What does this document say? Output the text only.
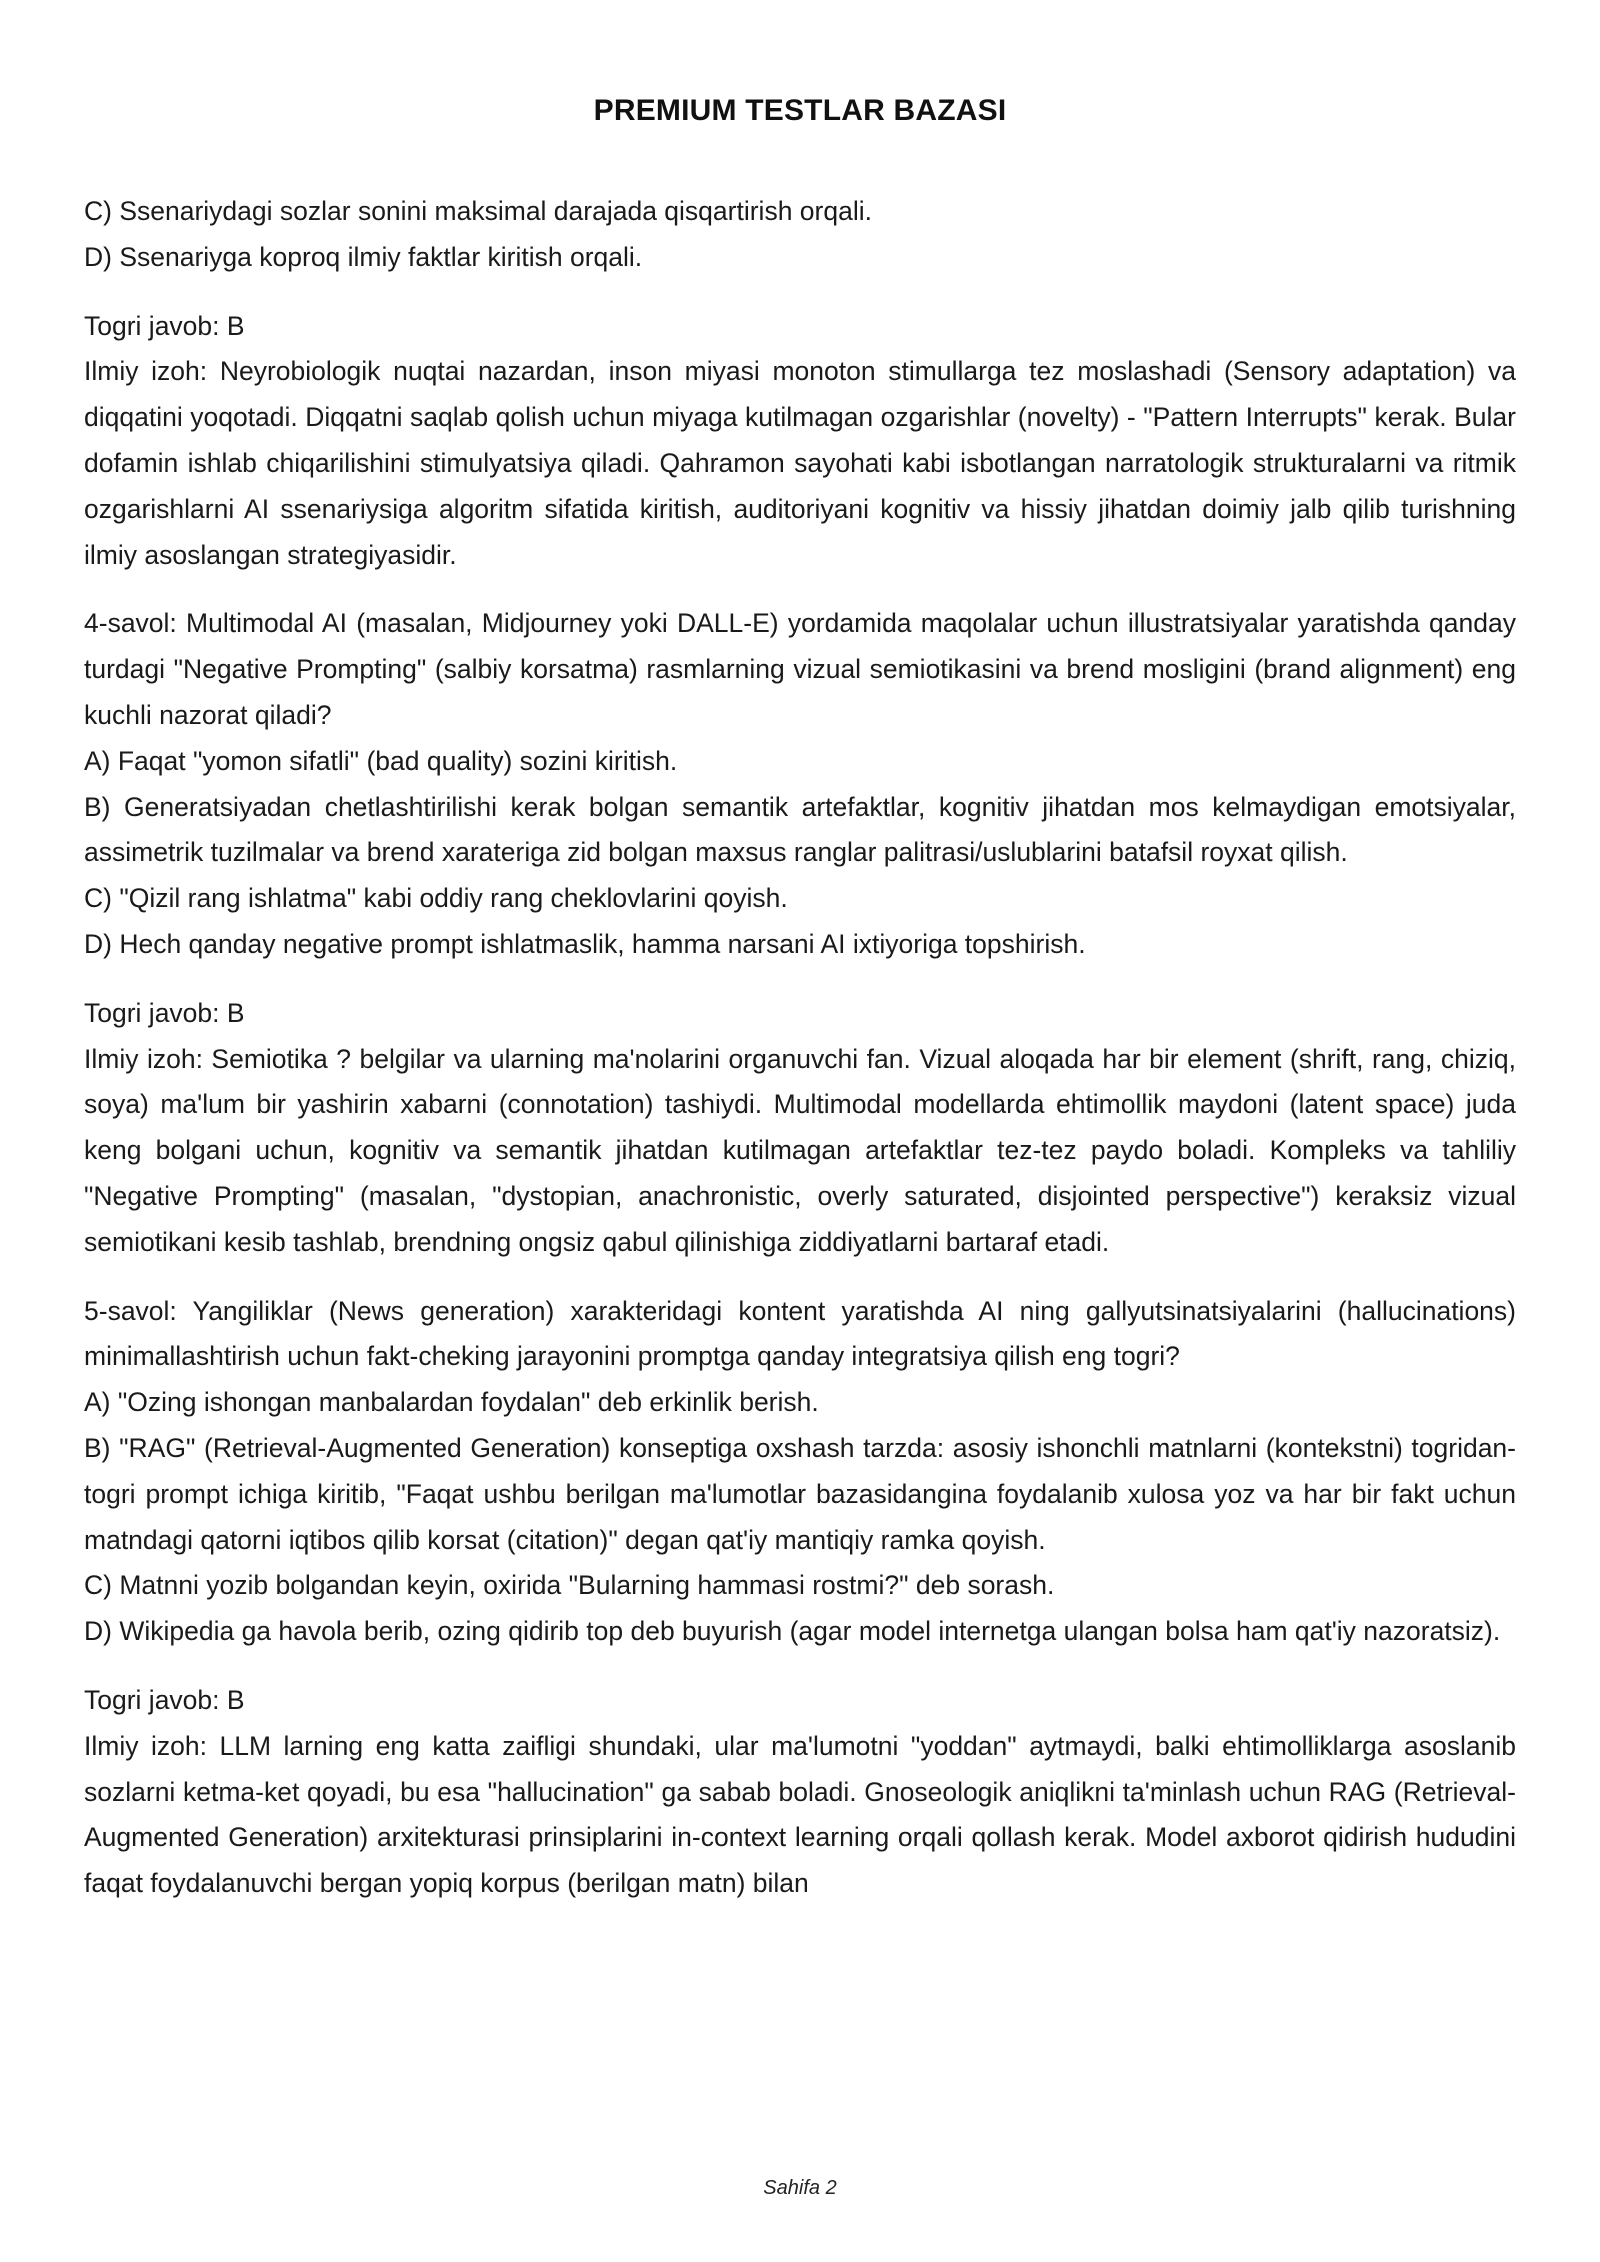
PREMIUM TESTLAR BAZASI

C) Ssenariydagi sozlar sonini maksimal darajada qisqartirish orqali.

D) Ssenariyga koproq ilmiy faktlar kiritish orqali.

Togri javob: B

Ilmiy izoh: Neyrobiologik nuqtai nazardan, inson miyasi monoton stimullarga tez moslashadi (Sensory adaptation) va diqqatini yoqotadi. Diqqatni saqlab qolish uchun miyaga kutilmagan ozgarishlar (novelty) - "Pattern Interrupts" kerak. Bular dofamin ishlab chiqarilishini stimulyatsiya qiladi. Qahramon sayohati kabi isbotlangan narratologik strukturalarni va ritmik ozgarishlarni AI ssenariysiga algoritm sifatida kiritish, auditoriyani kognitiv va hissiy jihatdan doimiy jalb qilib turishning ilmiy asoslangan strategiyasidir.

4-savol: Multimodal AI (masalan, Midjourney yoki DALL-E) yordamida maqolalar uchun illustratsiyalar yaratishda qanday turdagi "Negative Prompting" (salbiy korsatma) rasmlarning vizual semiotikasini va brend mosligini (brand alignment) eng kuchli nazorat qiladi?

A) Faqat "yomon sifatli" (bad quality) sozini kiritish.

B) Generatsiyadan chetlashtirilishi kerak bolgan semantik artefaktlar, kognitiv jihatdan mos kelmaydigan emotsiyalar, assimetrik tuzilmalar va brend xarateriga zid bolgan maxsus ranglar palitrasi/uslublarini batafsil royxat qilish.

C) "Qizil rang ishlatma" kabi oddiy rang cheklovlarini qoyish.

D) Hech qanday negative prompt ishlatmaslik, hamma narsani AI ixtiyoriga topshirish.

Togri javob: B

Ilmiy izoh: Semiotika ? belgilar va ularning ma'nolarini organuvchi fan. Vizual aloqada har bir element (shrift, rang, chiziq, soya) ma'lum bir yashirin xabarni (connotation) tashiydi. Multimodal modellarda ehtimollik maydoni (latent space) juda keng bolgani uchun, kognitiv va semantik jihatdan kutilmagan artefaktlar tez-tez paydo boladi. Kompleks va tahliliy "Negative Prompting" (masalan, "dystopian, anachronistic, overly saturated, disjointed perspective") keraksiz vizual semiotikani kesib tashlab, brendning ongsiz qabul qilinishiga ziddiyatlarni bartaraf etadi.

5-savol: Yangiliklar (News generation) xarakteridagi kontent yaratishda AI ning gallyutsinatsiyalarini (hallucinations) minimallashtirish uchun fakt-cheking jarayonini promptga qanday integratsiya qilish eng togri?

A) "Ozing ishongan manbalardan foydalan" deb erkinlik berish.

B) "RAG" (Retrieval-Augmented Generation) konseptiga oxshash tarzda: asosiy ishonchli matnlarni (kontekstni) togridan-togri prompt ichiga kiritib, "Faqat ushbu berilgan ma'lumotlar bazasidangina foydalanib xulosa yoz va har bir fakt uchun matndagi qatorni iqtibos qilib korsat (citation)" degan qat'iy mantiqiy ramka qoyish.

C) Matnni yozib bolgandan keyin, oxirida "Bularning hammasi rostmi?" deb sorash.

D) Wikipedia ga havola berib, ozing qidirib top deb buyurish (agar model internetga ulangan bolsa ham qat'iy nazoratsiz).

Togri javob: B

Ilmiy izoh: LLM larning eng katta zaifligi shundaki, ular ma'lumotni "yoddan" aytmaydi, balki ehtimolliklarga asoslanib sozlarni ketma-ket qoyadi, bu esa "hallucination" ga sabab boladi. Gnoseologik aniqlikni ta'minlash uchun RAG (Retrieval-Augmented Generation) arxitekturasi prinsiplarini in-context learning orqali qollash kerak. Model axborot qidirish hududini faqat foydalanuvchi bergan yopiq korpus (berilgan matn) bilan

Sahifa 2
